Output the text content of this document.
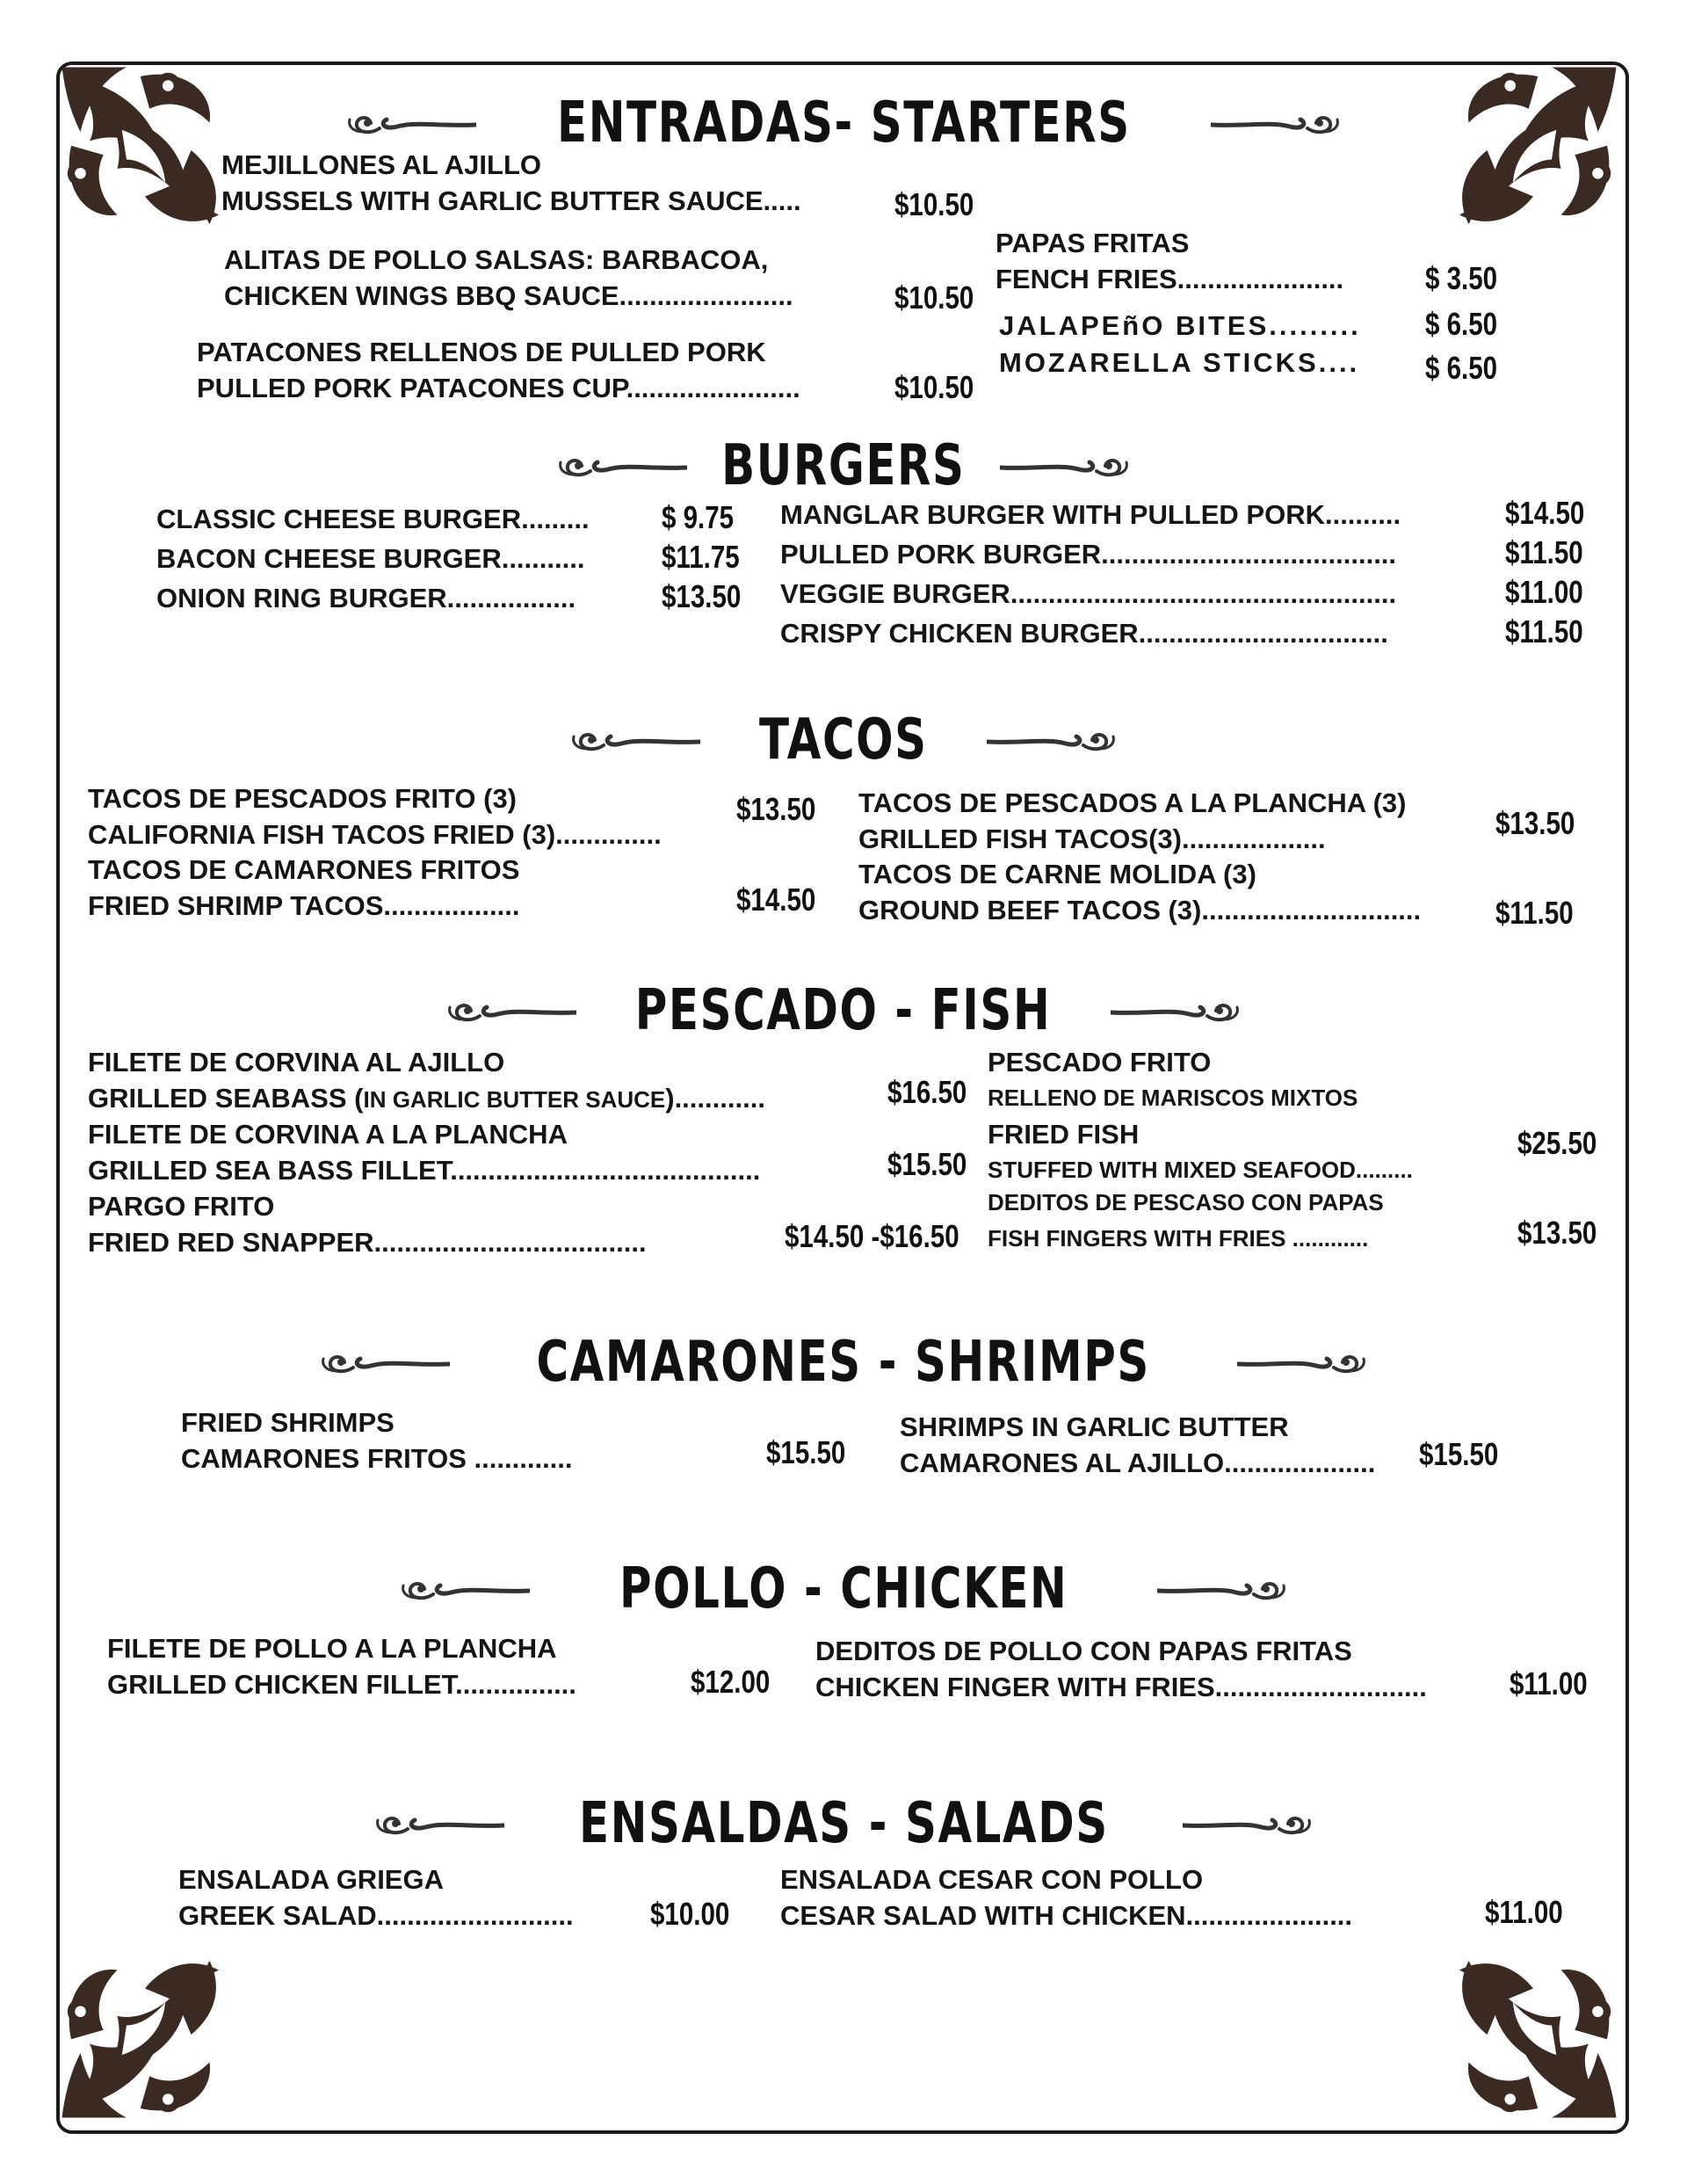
ENTRADAS- STARTERS
MEJILLONES AL AJILLO
MUSSELS WITH GARLIC BUTTER SAUCE.....	$10.50
ALITAS DE POLLO SALSAS: BARBACOA,
CHICKEN WINGS BBQ SAUCE.......................	$10.50
PATACONES RELLENOS DE PULLED PORK
PULLED PORK PATACONES CUP.......................	$10.50
PAPAS FRITAS
FENCH FRIES......................	$ 3.50
JALAPEñO BITES......... $ 6.50
MOZARELLA STICKS.... $ 6.50
BURGERS
CLASSIC CHEESE BURGER......... $ 9.75
BACON CHEESE BURGER........... $11.75
ONION RING BURGER.................	$13.50
MANGLAR BURGER WITH PULLED PORK..........	$14.50
PULLED PORK BURGER.......................................	$11.50
VEGGIE BURGER...................................................	$11.00
CRISPY CHICKEN BURGER.................................	$11.50
TACOS
TACOS DE PESCADOS FRITO (3)
CALIFORNIA FISH TACOS FRIED (3)..............
$13.50
TACOS DE CAMARONES FRITOS
FRIED SHRIMP TACOS..................	$14.50
TACOS DE PESCADOS A LA PLANCHA (3)
GRILLED FISH TACOS(3)...................	$13.50
TACOS DE CARNE MOLIDA (3)
GROUND BEEF TACOS (3)............................. $11.50
PESCADO - FISH
FILETE DE CORVINA AL AJILLO
GRILLED SEABASS (IN GARLIC BUTTER SAUCE)............	$16.50
FILETE DE CORVINA A LA PLANCHA
GRILLED SEA BASS FILLET.........................................	$15.50
PARGO FRITO
FRIED RED SNAPPER....................................	$14.50 -$16.50
PESCADO FRITO
RELLENO DE MARISCOS MIXTOS
FRIED FISH
STUFFED WITH MIXED SEAFOOD.........
$25.50
DEDITOS DE PESCASO CON PAPAS
FISH FINGERS WITH FRIES ............	$13.50
CAMARONES - SHRIMPS
FRIED SHRIMPS
CAMARONES FRITOS .............	$15.50
SHRIMPS IN GARLIC BUTTER
CAMARONES AL AJILLO.................... $15.50
POLLO - CHICKEN
FILETE DE POLLO A LA PLANCHA
GRILLED CHICKEN FILLET................	$12.00
DEDITOS DE POLLO CON PAPAS FRITAS
CHICKEN FINGER WITH FRIES............................	$11.00
ENSALDAS - SALADS
ENSALADA GRIEGA
GREEK SALAD.......................... $10.00
ENSALADA CESAR CON POLLO
CESAR SALAD WITH CHICKEN......................	$11.00
